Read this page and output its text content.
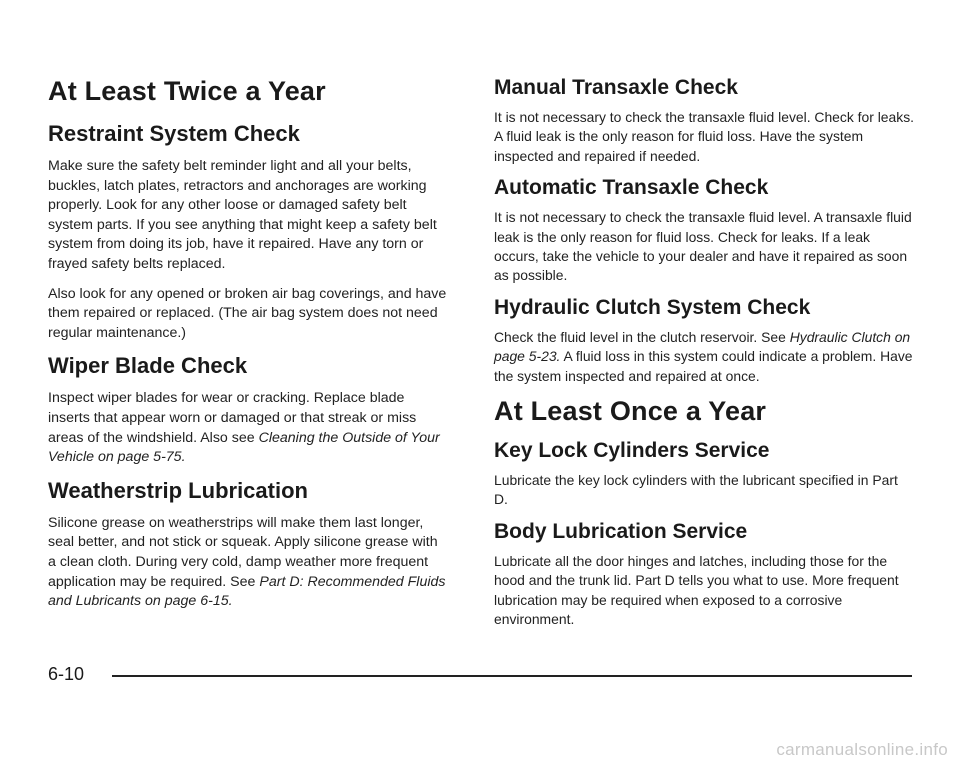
At Least Twice a Year
Restraint System Check

Make sure the safety belt reminder light and all your belts, buckles, latch plates, retractors and anchorages are working properly. Look for any other loose or damaged safety belt system parts. If you see anything that might keep a safety belt system from doing its job, have it repaired. Have any torn or frayed safety belts replaced.

Also look for any opened or broken air bag coverings, and have them repaired or replaced. (The air bag system does not need regular maintenance.)

Wiper Blade Check

Inspect wiper blades for wear or cracking. Replace blade inserts that appear worn or damaged or that streak or miss areas of the windshield. Also see Cleaning the Outside of Your Vehicle on page 5-75.

Weatherstrip Lubrication

Silicone grease on weatherstrips will make them last longer, seal better, and not stick or squeak. Apply silicone grease with a clean cloth. During very cold, damp weather more frequent application may be required. See Part D: Recommended Fluids and Lubricants on page 6-15.

Manual Transaxle Check

It is not necessary to check the transaxle fluid level. Check for leaks. A fluid leak is the only reason for fluid loss. Have the system inspected and repaired if needed.

Automatic Transaxle Check

It is not necessary to check the transaxle fluid level. A transaxle fluid leak is the only reason for fluid loss. Check for leaks. If a leak occurs, take the vehicle to your dealer and have it repaired as soon as possible.

Hydraulic Clutch System Check

Check the fluid level in the clutch reservoir. See Hydraulic Clutch on page 5-23. A fluid loss in this system could indicate a problem. Have the system inspected and repaired at once.

At Least Once a Year
Key Lock Cylinders Service

Lubricate the key lock cylinders with the lubricant specified in Part D.

Body Lubrication Service

Lubricate all the door hinges and latches, including those for the hood and the trunk lid. Part D tells you what to use. More frequent lubrication may be required when exposed to a corrosive environment.

6-10
carmanualsonline.info
